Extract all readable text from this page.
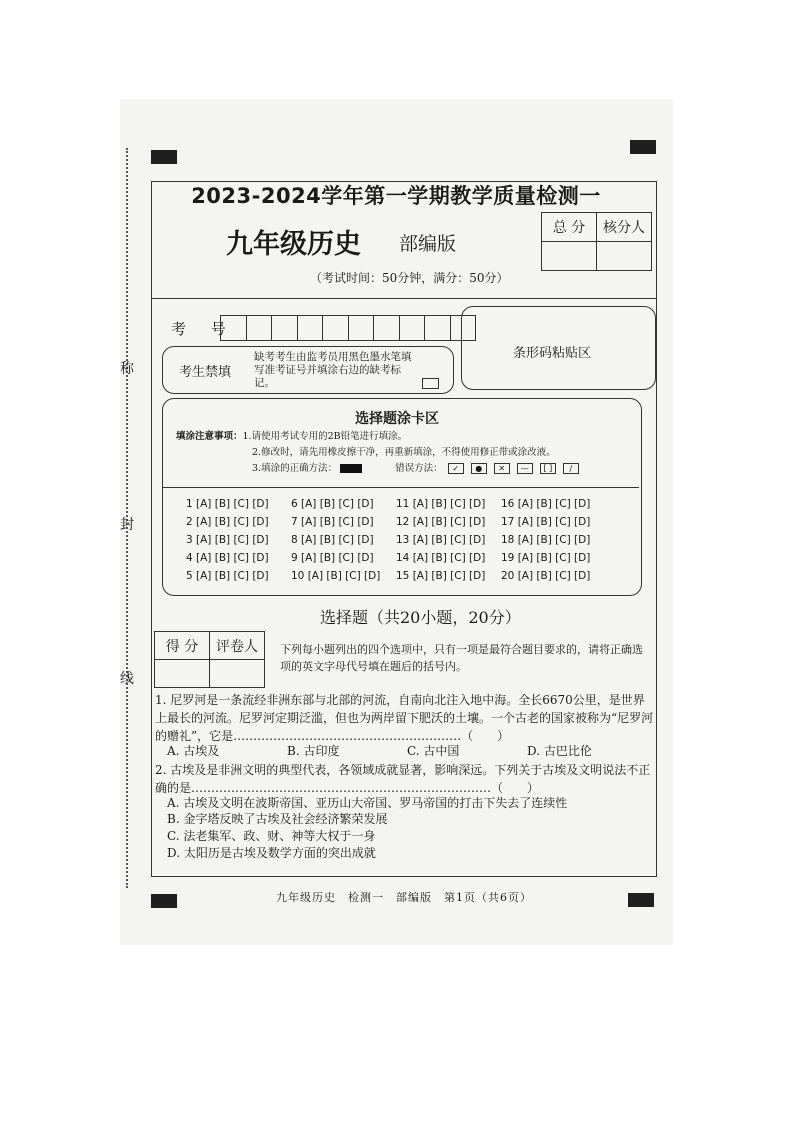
称
封
线
2023-2024学年第一学期教学质量检测一
九年级历史 部编版
（考试时间：50分钟，满分：50分）
总 分	核分人

考 号
条形码粘贴区
考生禁填
缺考考生由监考员用黑色墨水笔填写准考证号并填涂右边的缺考标记。
选择题涂卡区
填涂注意事项：1.请使用考试专用的2B铅笔进行填涂。
2.修改时，请先用橡皮擦干净，再重新填涂，不得使用修正带或涂改液。
3.填涂的正确方法：	错误方法： ✓ ● ✕ — [ ] /
1 [A] [B] [C] [D]	6 [A] [B] [C] [D]	11 [A] [B] [C] [D]	16 [A] [B] [C] [D]
2 [A] [B] [C] [D]	7 [A] [B] [C] [D]	12 [A] [B] [C] [D]	17 [A] [B] [C] [D]
3 [A] [B] [C] [D]	8 [A] [B] [C] [D]	13 [A] [B] [C] [D]	18 [A] [B] [C] [D]
4 [A] [B] [C] [D]	9 [A] [B] [C] [D]	14 [A] [B] [C] [D]	19 [A] [B] [C] [D]
5 [A] [B] [C] [D]	10 [A] [B] [C] [D]	15 [A] [B] [C] [D]	20 [A] [B] [C] [D]
选择题（共20小题，20分）
得 分	评卷人
	下列每小题列出的四个选项中，只有一项是最符合题目要求的，请将正确选项的英文字母代号填在题后的括号内。
1. 尼罗河是一条流经非洲东部与北部的河流，自南向北注入地中海。全长6670公里，是世界上最长的河流。尼罗河定期泛滥，但也为两岸留下肥沃的土壤。一个古老的国家被称为“尼罗河的赠礼”，它是…………………………………………………（　　）
A. 古埃及	B. 古印度	C. 古中国	D. 古巴比伦
2. 古埃及是非洲文明的典型代表，各领域成就显著，影响深远。下列关于古埃及文明说法不正确的是…………………………………………………………………（　　）
A. 古埃及文明在波斯帝国、亚历山大帝国、罗马帝国的打击下失去了连续性
B. 金字塔反映了古埃及社会经济繁荣发展
C. 法老集军、政、财、神等大权于一身
D. 太阳历是古埃及数学方面的突出成就
九年级历史　检测一　部编版　第1页（共6页）
